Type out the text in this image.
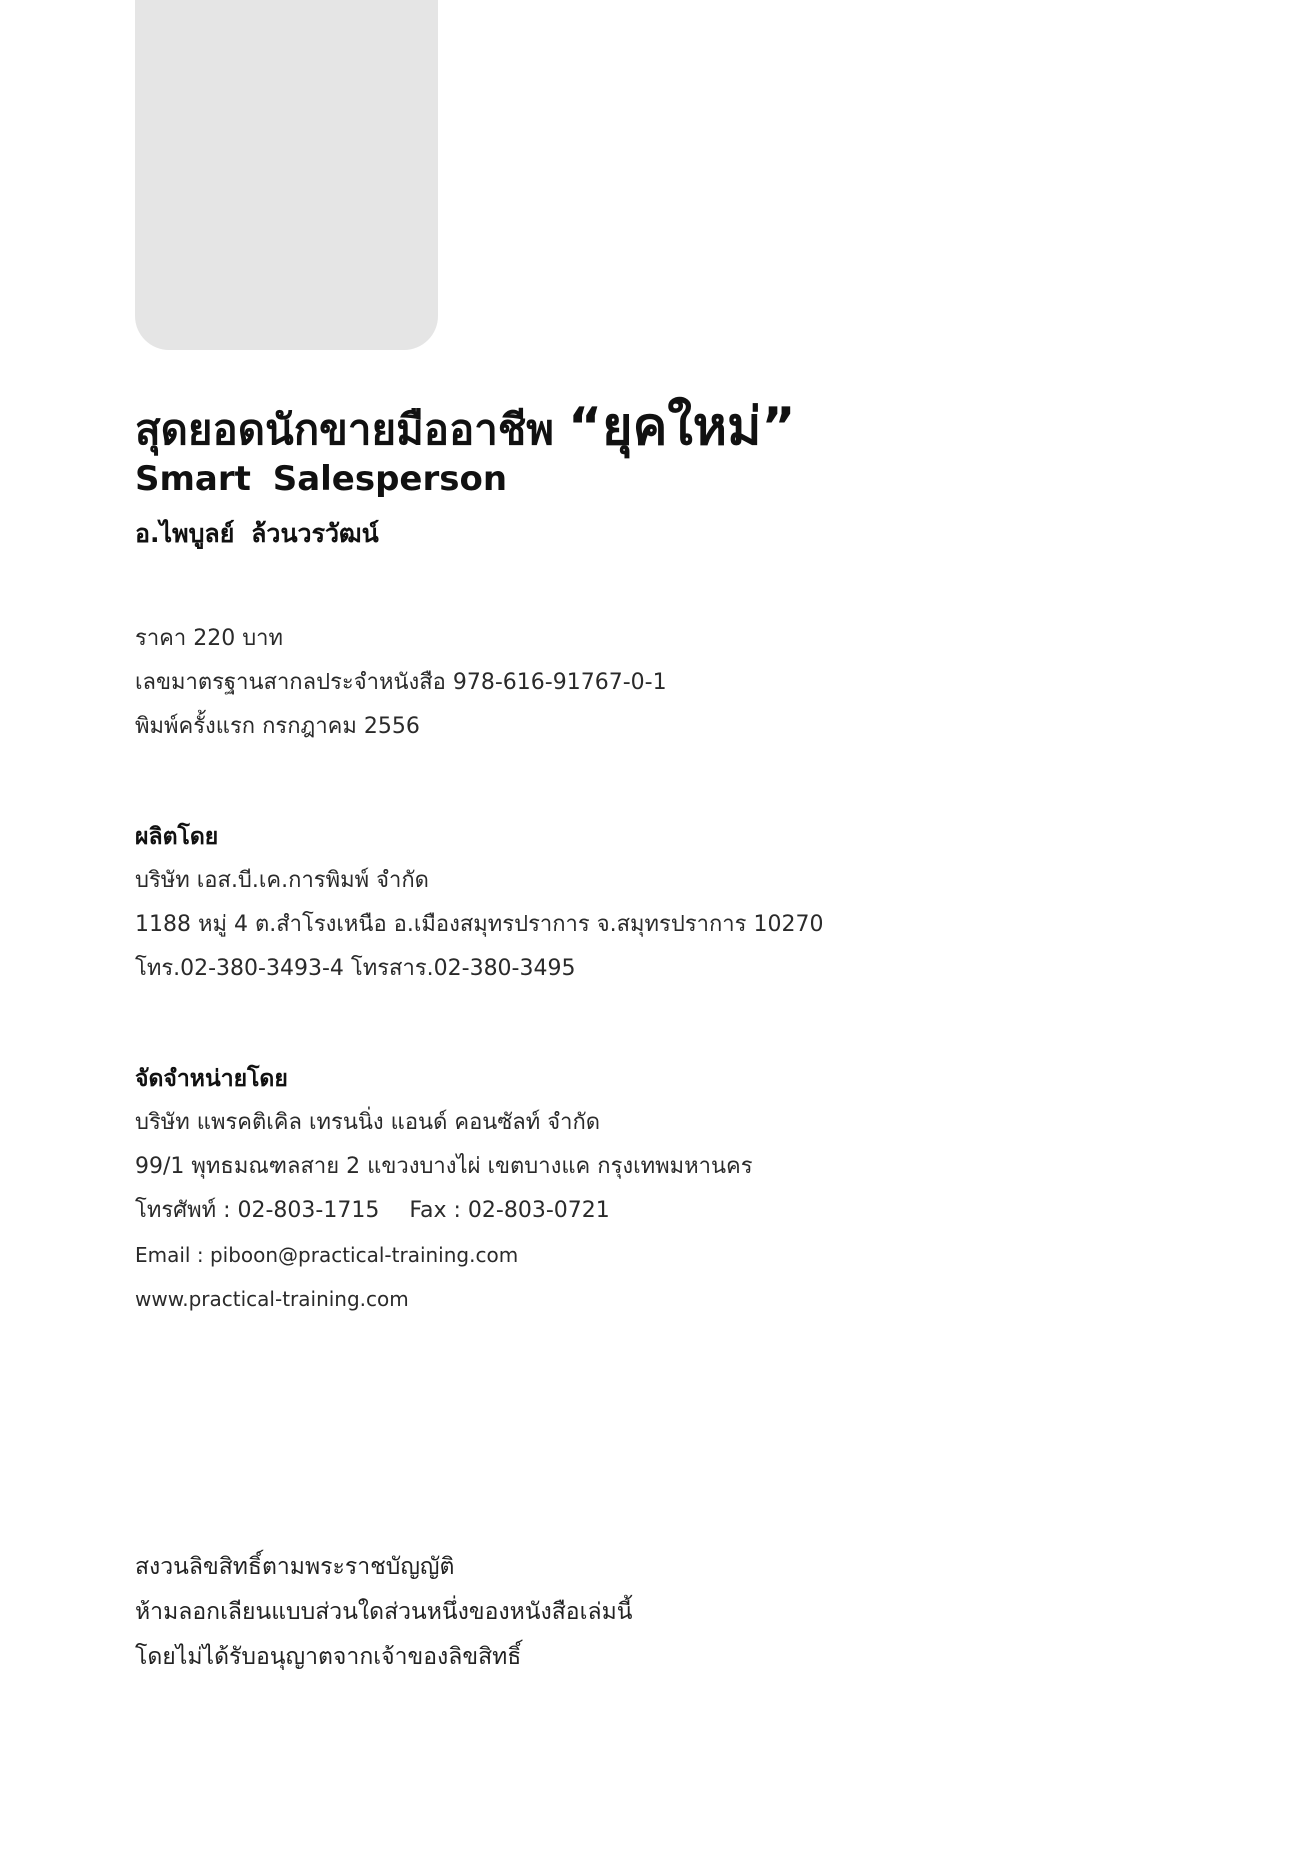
สุดยอดนักขายมืออาชีพ “ยุคใหม่”
Smart Salesperson
อ.ไพบูลย์ ล้วนวรวัฒน์
ราคา 220 บาท
เลขมาตรฐานสากลประจำหนังสือ 978-616-91767-0-1
พิมพ์ครั้งแรก กรกฎาคม 2556
ผลิตโดย
บริษัท เอส.บี.เค.การพิมพ์ จำกัด
1188 หมู่ 4 ต.สำโรงเหนือ อ.เมืองสมุทรปราการ จ.สมุทรปราการ 10270
โทร.02-380-3493-4 โทรสาร.02-380-3495
จัดจำหน่ายโดย
บริษัท แพรคติเคิล เทรนนิ่ง แอนด์ คอนซัลท์ จำกัด
99/1 พุทธมณฑลสาย 2 แขวงบางไผ่ เขตบางแค กรุงเทพมหานคร
โทรศัพท์ : 02-803-1715 Fax : 02-803-0721
Email : piboon@practical-training.com
www.practical-training.com
สงวนลิขสิทธิ์ตามพระราชบัญญัติ
ห้ามลอกเลียนแบบส่วนใดส่วนหนึ่งของหนังสือเล่มนี้
โดยไม่ได้รับอนุญาตจากเจ้าของลิขสิทธิ์
